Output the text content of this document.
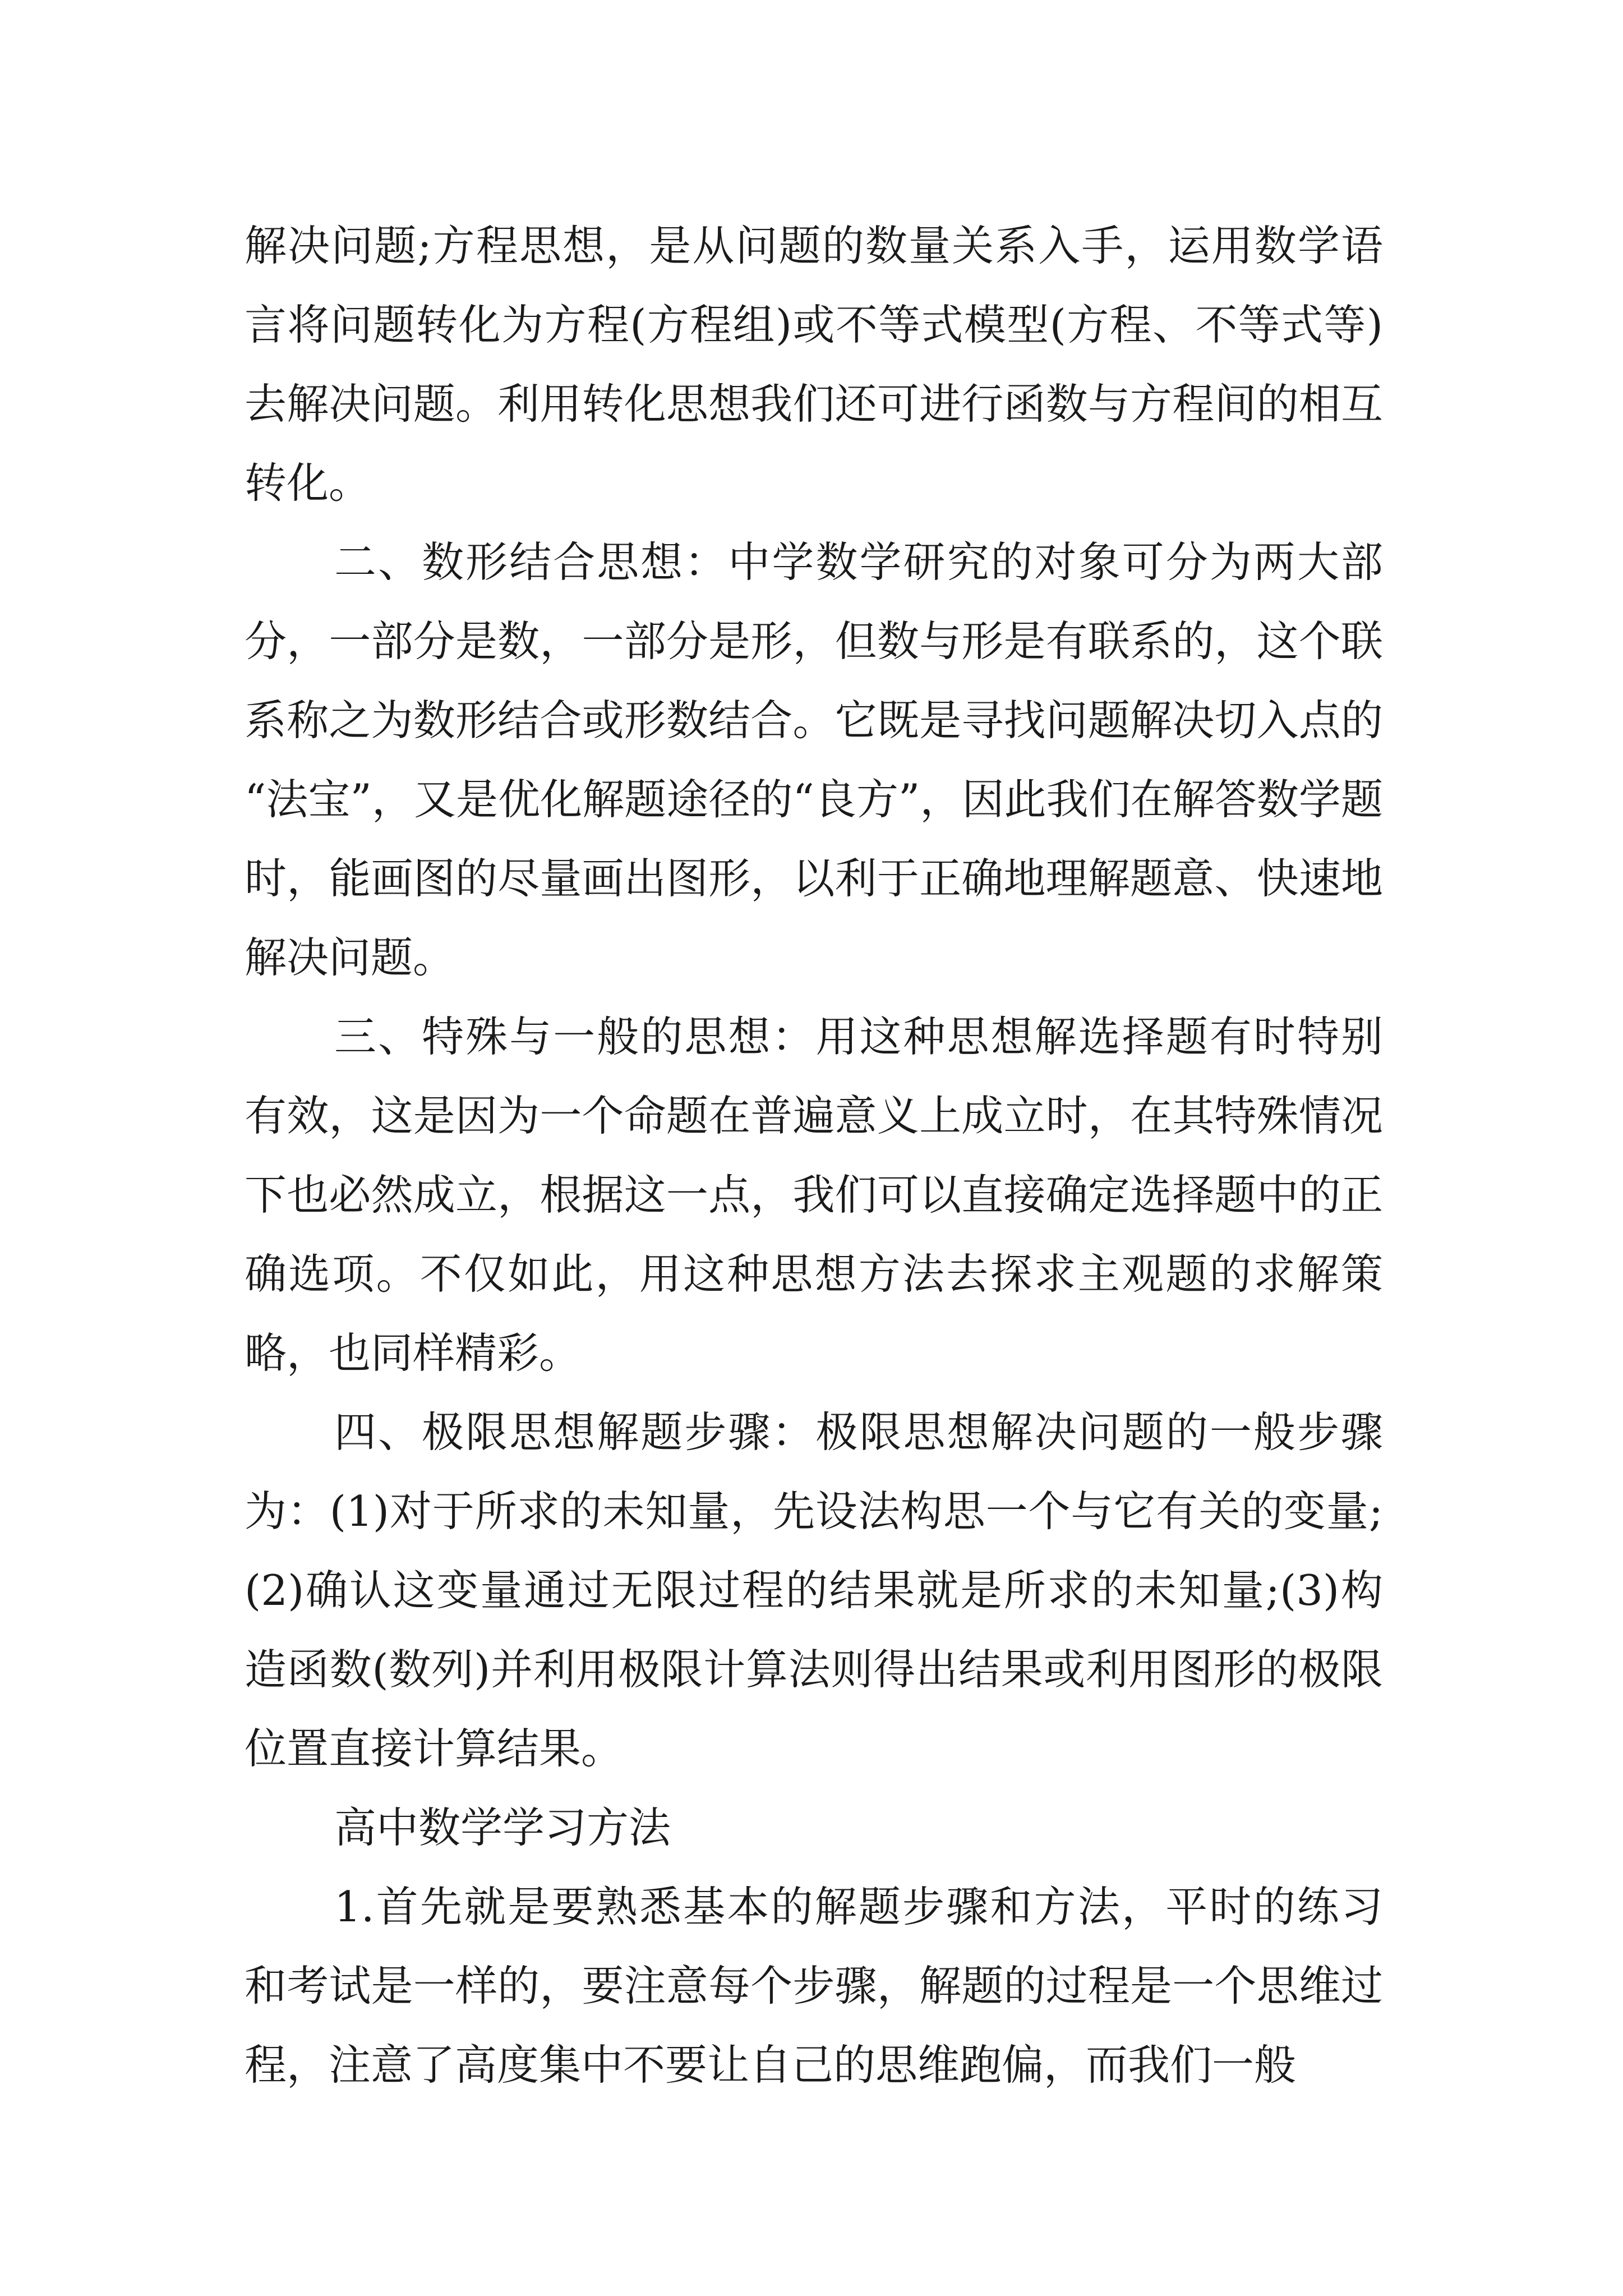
解决问题;方程思想，是从问题的数量关系入手，运用数学语言将问题转化为方程(方程组)或不等式模型(方程、不等式等)去解决问题。利用转化思想我们还可进行函数与方程间的相互转化。

二、数形结合思想：中学数学研究的对象可分为两大部分，一部分是数，一部分是形，但数与形是有联系的，这个联系称之为数形结合或形数结合。它既是寻找问题解决切入点的 “法宝”，又是优化解题途径的“良方”，因此我们在解答数学题时，能画图的尽量画出图形，以利于正确地理解题意、快速地解决问题。

三、特殊与一般的思想：用这种思想解选择题有时特别有效，这是因为一个命题在普遍意义上成立时，在其特殊情况下也必然成立，根据这一点，我们可以直接确定选择题中的正确选项。不仅如此，用这种思想方法去探求主观题的求解策略，也同样精彩。

四、极限思想解题步骤：极限思想解决问题的一般步骤为：(1)对于所求的未知量，先设法构思一个与它有关的变量;(2)确认这变量通过无限过程的结果就是所求的未知量;(3)构造函数(数列)并利用极限计算法则得出结果或利用图形的极限位置直接计算结果。

高中数学学习方法

1.首先就是要熟悉基本的解题步骤和方法，平时的练习和考试是一样的，要注意每个步骤，解题的过程是一个思维过程，注意了高度集中不要让自己的思维跑偏，而我们一般
